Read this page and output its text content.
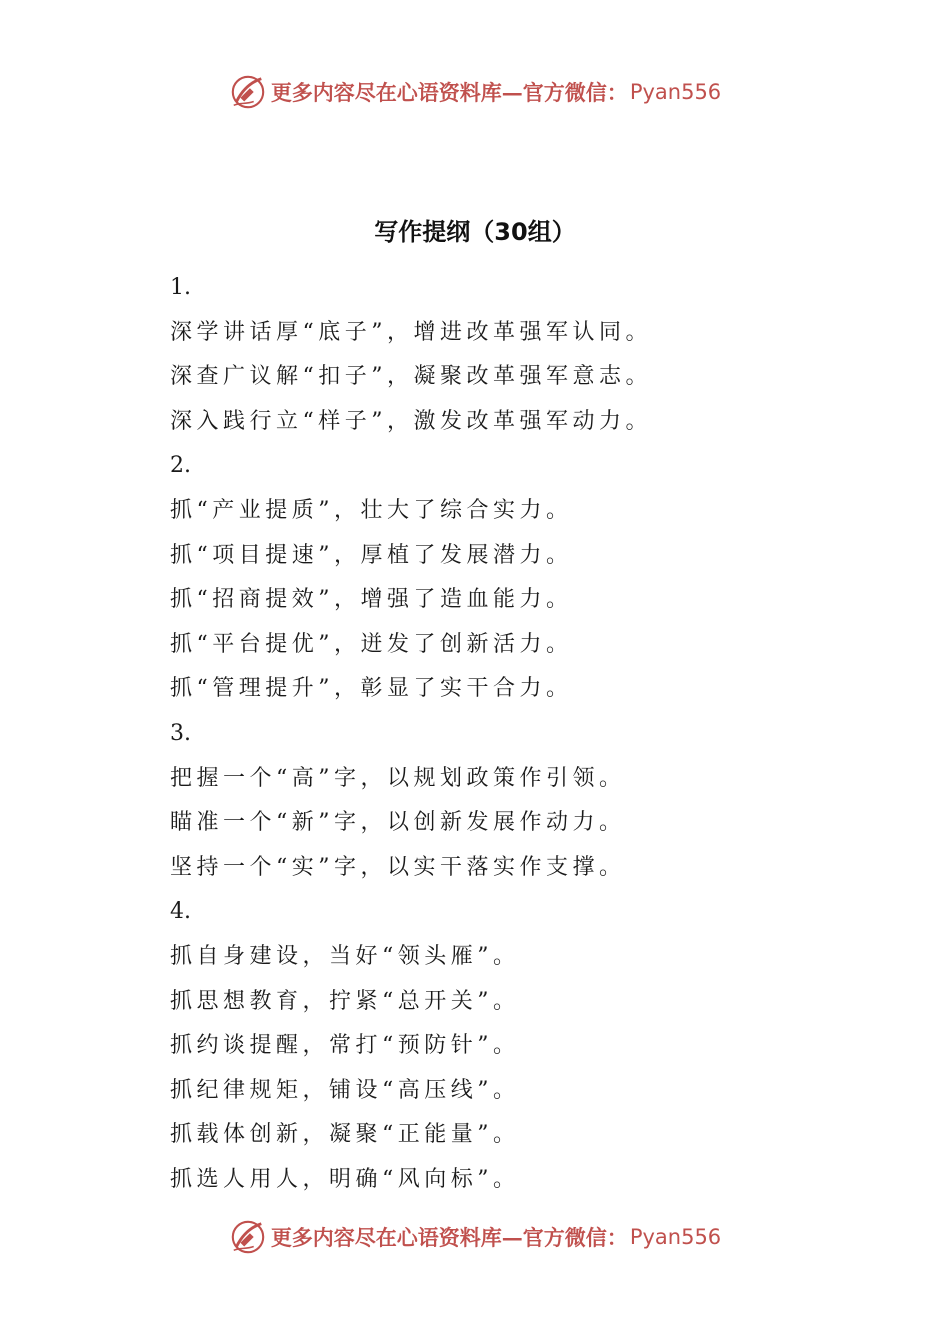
更多内容尽在心语资料库—官方微信： Pyan556
写作提纲（30组）
1.
深学讲话厚“底子”，增进改革强军认同。
深查广议解“扣子”，凝聚改革强军意志。
深入践行立“样子”，激发改革强军动力。
2.
抓“产业提质”，壮大了综合实力。
抓“项目提速”，厚植了发展潜力。
抓“招商提效”，增强了造血能力。
抓“平台提优”，迸发了创新活力。
抓“管理提升”，彰显了实干合力。
3.
把握一个“高”字，以规划政策作引领。
瞄准一个“新”字，以创新发展作动力。
坚持一个“实”字，以实干落实作支撑。
4.
抓自身建设，当好“领头雁”。
抓思想教育，拧紧“总开关”。
抓约谈提醒，常打“预防针”。
抓纪律规矩，铺设“高压线”。
抓载体创新，凝聚“正能量”。
抓选人用人，明确“风向标”。
更多内容尽在心语资料库—官方微信： Pyan556
